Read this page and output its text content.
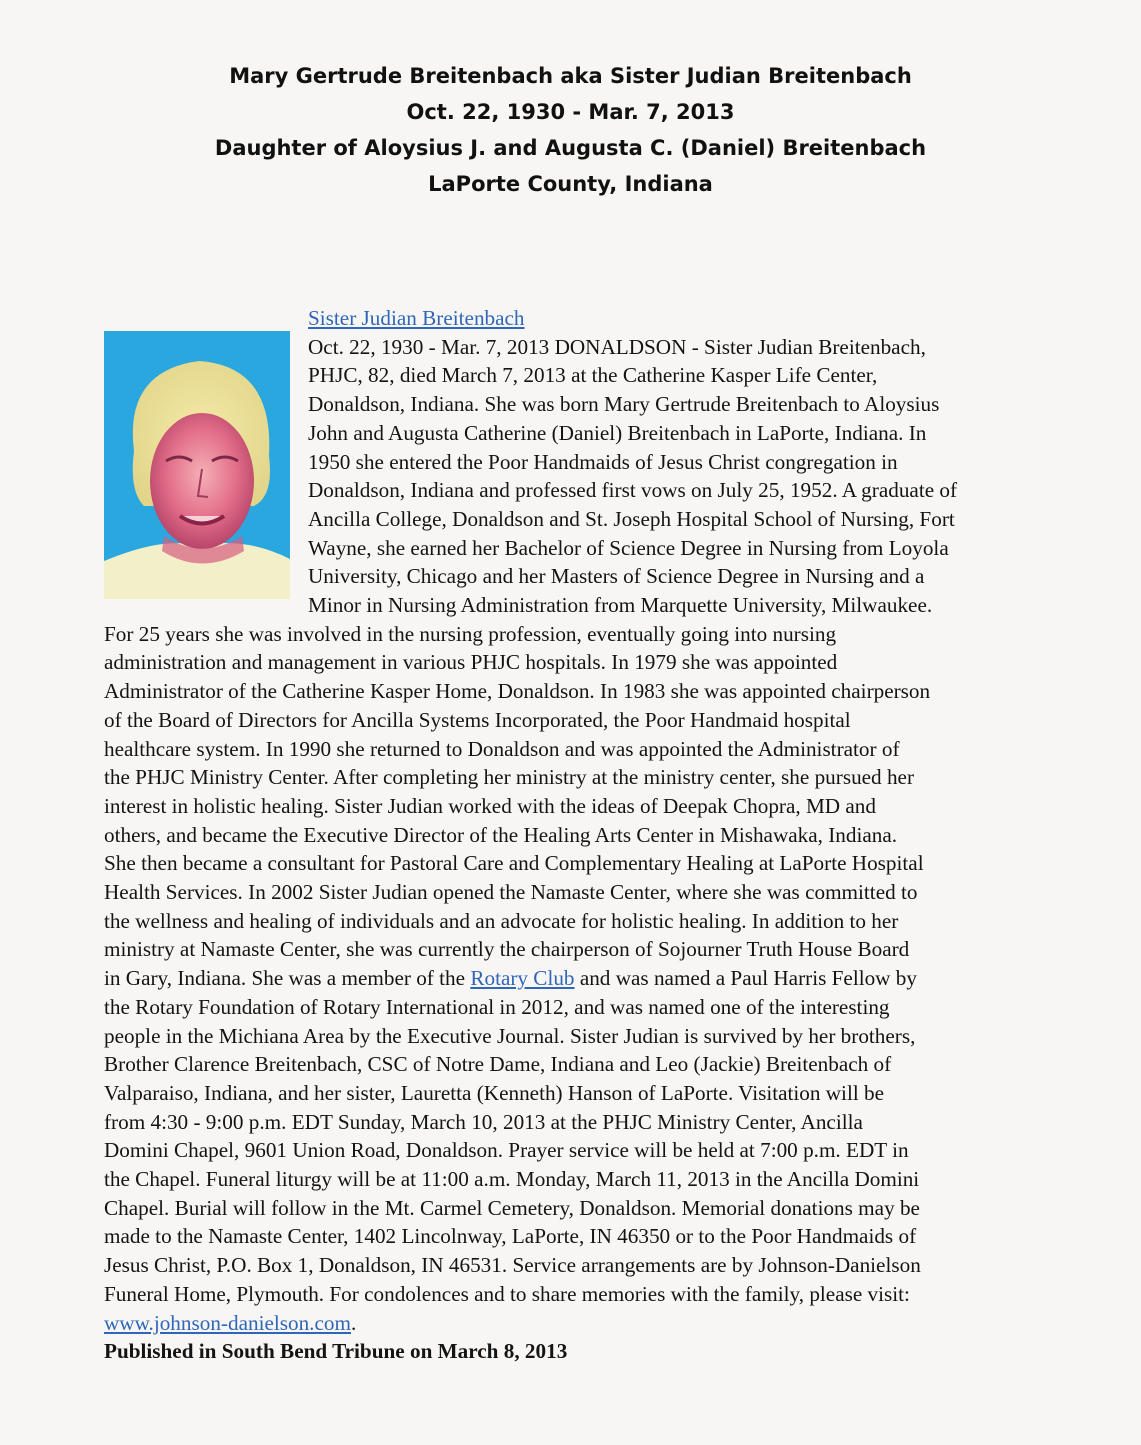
Mary Gertrude Breitenbach aka Sister Judian Breitenbach
Oct. 22, 1930 - Mar. 7, 2013
Daughter of Aloysius J. and Augusta C. (Daniel) Breitenbach
LaPorte County, Indiana
Sister Judian Breitenbach
Oct. 22, 1930 - Mar. 7, 2013 DONALDSON - Sister Judian Breitenbach,
PHJC, 82, died March 7, 2013 at the Catherine Kasper Life Center,
Donaldson, Indiana. She was born Mary Gertrude Breitenbach to Aloysius
John and Augusta Catherine (Daniel) Breitenbach in LaPorte, Indiana. In
1950 she entered the Poor Handmaids of Jesus Christ congregation in
Donaldson, Indiana and professed first vows on July 25, 1952. A graduate of
Ancilla College, Donaldson and St. Joseph Hospital School of Nursing, Fort
Wayne, she earned her Bachelor of Science Degree in Nursing from Loyola
University, Chicago and her Masters of Science Degree in Nursing and a
Minor in Nursing Administration from Marquette University, Milwaukee.
For 25 years she was involved in the nursing profession, eventually going into nursing
administration and management in various PHJC hospitals. In 1979 she was appointed
Administrator of the Catherine Kasper Home, Donaldson. In 1983 she was appointed chairperson
of the Board of Directors for Ancilla Systems Incorporated, the Poor Handmaid hospital
healthcare system. In 1990 she returned to Donaldson and was appointed the Administrator of
the PHJC Ministry Center. After completing her ministry at the ministry center, she pursued her
interest in holistic healing. Sister Judian worked with the ideas of Deepak Chopra, MD and
others, and became the Executive Director of the Healing Arts Center in Mishawaka, Indiana.
She then became a consultant for Pastoral Care and Complementary Healing at LaPorte Hospital
Health Services. In 2002 Sister Judian opened the Namaste Center, where she was committed to
the wellness and healing of individuals and an advocate for holistic healing. In addition to her
ministry at Namaste Center, she was currently the chairperson of Sojourner Truth House Board
in Gary, Indiana. She was a member of the Rotary Club and was named a Paul Harris Fellow by
the Rotary Foundation of Rotary International in 2012, and was named one of the interesting
people in the Michiana Area by the Executive Journal. Sister Judian is survived by her brothers,
Brother Clarence Breitenbach, CSC of Notre Dame, Indiana and Leo (Jackie) Breitenbach of
Valparaiso, Indiana, and her sister, Lauretta (Kenneth) Hanson of LaPorte. Visitation will be
from 4:30 - 9:00 p.m. EDT Sunday, March 10, 2013 at the PHJC Ministry Center, Ancilla
Domini Chapel, 9601 Union Road, Donaldson. Prayer service will be held at 7:00 p.m. EDT in
the Chapel. Funeral liturgy will be at 11:00 a.m. Monday, March 11, 2013 in the Ancilla Domini
Chapel. Burial will follow in the Mt. Carmel Cemetery, Donaldson. Memorial donations may be
made to the Namaste Center, 1402 Lincolnway, LaPorte, IN 46350 or to the Poor Handmaids of
Jesus Christ, P.O. Box 1, Donaldson, IN 46531. Service arrangements are by Johnson-Danielson
Funeral Home, Plymouth. For condolences and to share memories with the family, please visit:
www.johnson-danielson.com.
Published in South Bend Tribune on March 8, 2013
